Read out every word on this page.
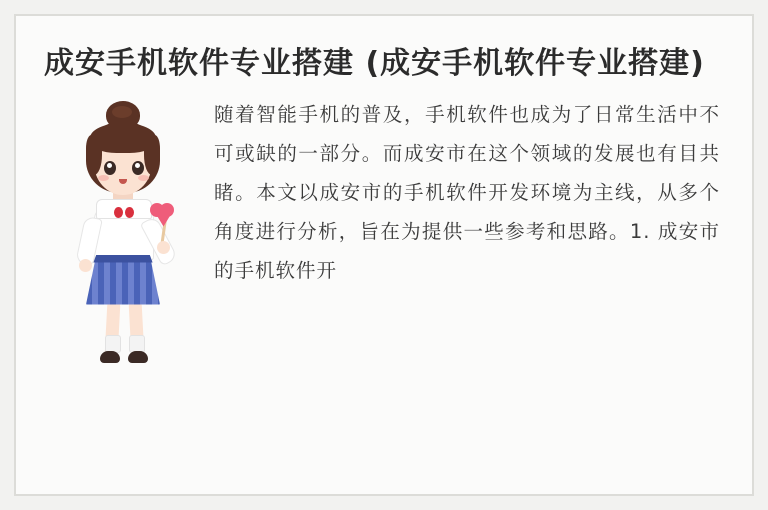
成安手机软件专业搭建 (成安手机软件专业搭建)
随着智能手机的普及，手机软件也成为了日常生活中不可或缺的一部分。而成安市在这个领域的发展也有目共睹。本文以成安市的手机软件开发环境为主线，从多个角度进行分析，旨在为提供一些参考和思路。1. 成安市的手机软件开
